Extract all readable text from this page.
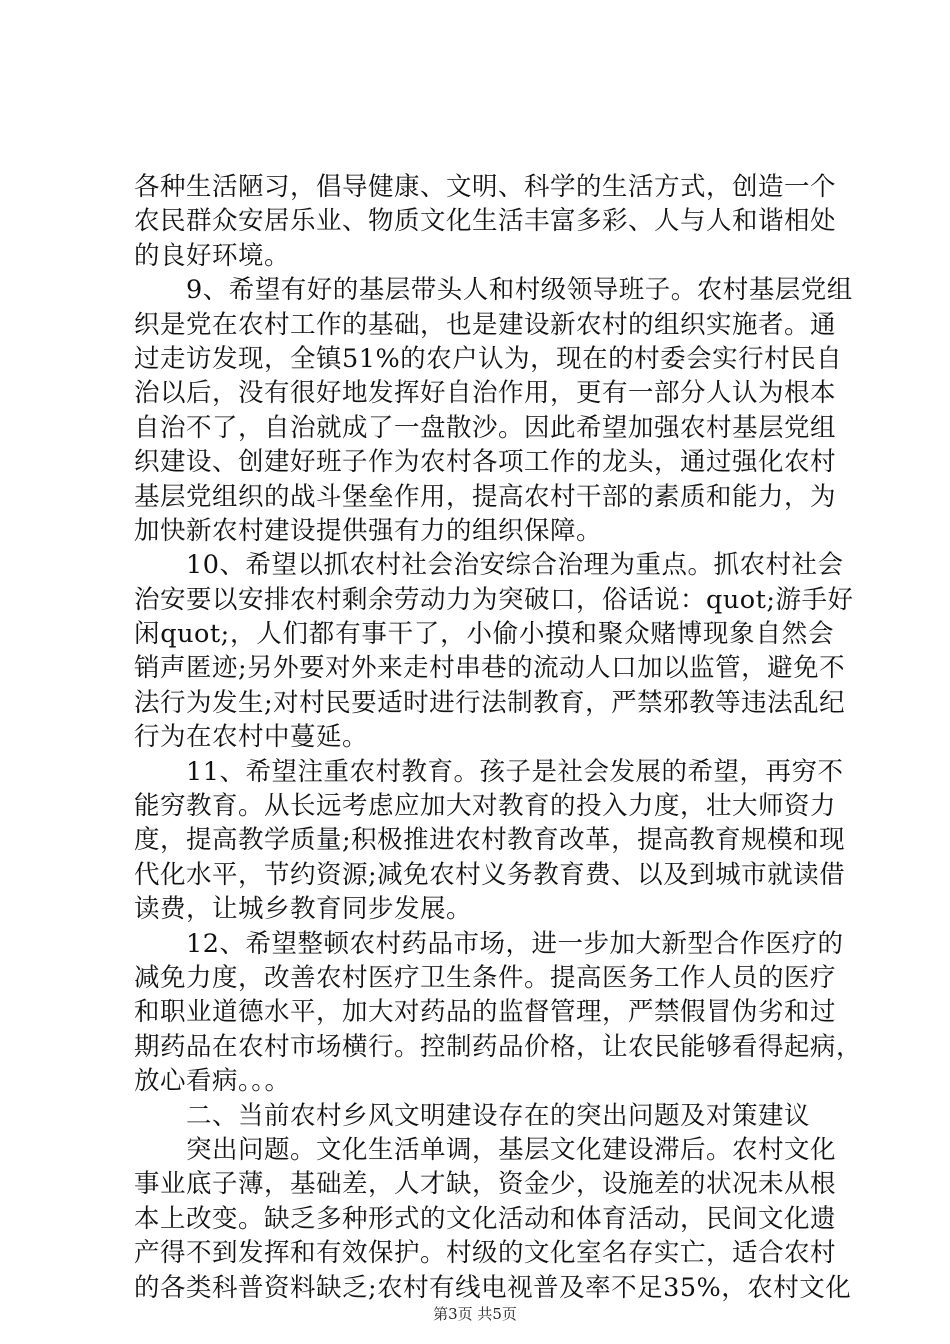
各种生活陋习，倡导健康、文明、科学的生活方式，创造一个
农民群众安居乐业、物质文化生活丰富多彩、人与人和谐相处
的良好环境。
9、希望有好的基层带头人和村级领导班子。农村基层党组
织是党在农村工作的基础，也是建设新农村的组织实施者。通
过走访发现，全镇51%的农户认为，现在的村委会实行村民自
治以后，没有很好地发挥好自治作用，更有一部分人认为根本
自治不了，自治就成了一盘散沙。因此希望加强农村基层党组
织建设、创建好班子作为农村各项工作的龙头，通过强化农村
基层党组织的战斗堡垒作用，提高农村干部的素质和能力，为
加快新农村建设提供强有力的组织保障。
10、希望以抓农村社会治安综合治理为重点。抓农村社会
治安要以安排农村剩余劳动力为突破口，俗话说：quot;游手好
闲quot;，人们都有事干了，小偷小摸和聚众赌博现象自然会
销声匿迹;另外要对外来走村串巷的流动人口加以监管，避免不
法行为发生;对村民要适时进行法制教育，严禁邪教等违法乱纪
行为在农村中蔓延。
11、希望注重农村教育。孩子是社会发展的希望，再穷不
能穷教育。从长远考虑应加大对教育的投入力度，壮大师资力
度，提高教学质量;积极推进农村教育改革，提高教育规模和现
代化水平，节约资源;减免农村义务教育费、以及到城市就读借
读费，让城乡教育同步发展。
12、希望整顿农村药品市场，进一步加大新型合作医疗的
减免力度，改善农村医疗卫生条件。提高医务工作人员的医疗
和职业道德水平，加大对药品的监督管理，严禁假冒伪劣和过
期药品在农村市场横行。控制药品价格，让农民能够看得起病，
放心看病。。。
二、当前农村乡风文明建设存在的突出问题及对策建议
突出问题。文化生活单调，基层文化建设滞后。农村文化
事业底子薄，基础差，人才缺，资金少，设施差的状况未从根
本上改变。缺乏多种形式的文化活动和体育活动，民间文化遗
产得不到发挥和有效保护。村级的文化室名存实亡，适合农村
的各类科普资料缺乏;农村有线电视普及率不足35%，农村文化
第3页 共5页
